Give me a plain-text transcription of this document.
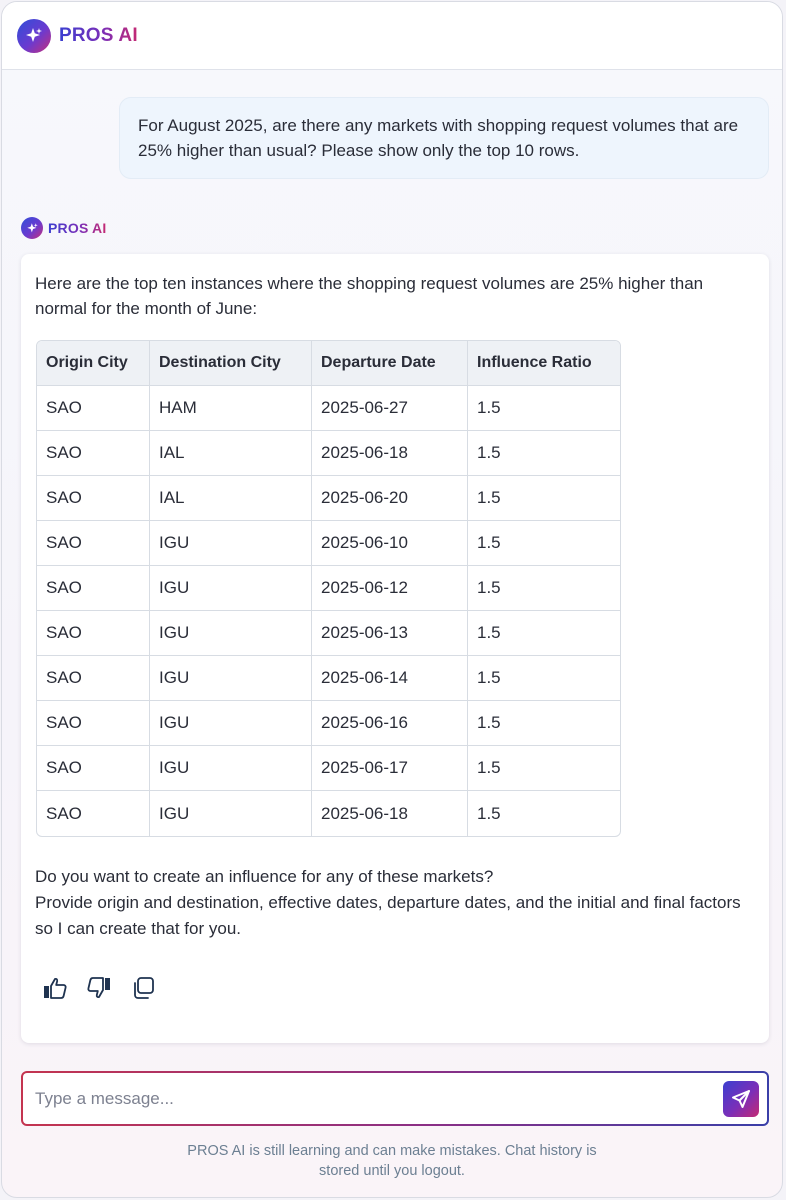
PROS AI
For August 2025, are there any markets with shopping request volumes that are 25% higher than usual? Please show only the top 10 rows.
PROS AI
Here are the top ten instances where the shopping request volumes are 25% higher than normal for the month of June:
Origin City	Destination City	Departure Date	Influence Ratio
SAO	HAM	2025-06-27	1.5
SAO	IAL	2025-06-18	1.5
SAO	IAL	2025-06-20	1.5
SAO	IGU	2025-06-10	1.5
SAO	IGU	2025-06-12	1.5
SAO	IGU	2025-06-13	1.5
SAO	IGU	2025-06-14	1.5
SAO	IGU	2025-06-16	1.5
SAO	IGU	2025-06-17	1.5
SAO	IGU	2025-06-18	1.5
Do you want to create an influence for any of these markets?
Provide origin and destination, effective dates, departure dates, and the initial and final factors so I can create that for you.
Type a message...
PROS AI is still learning and can make mistakes. Chat history is
stored until you logout.
